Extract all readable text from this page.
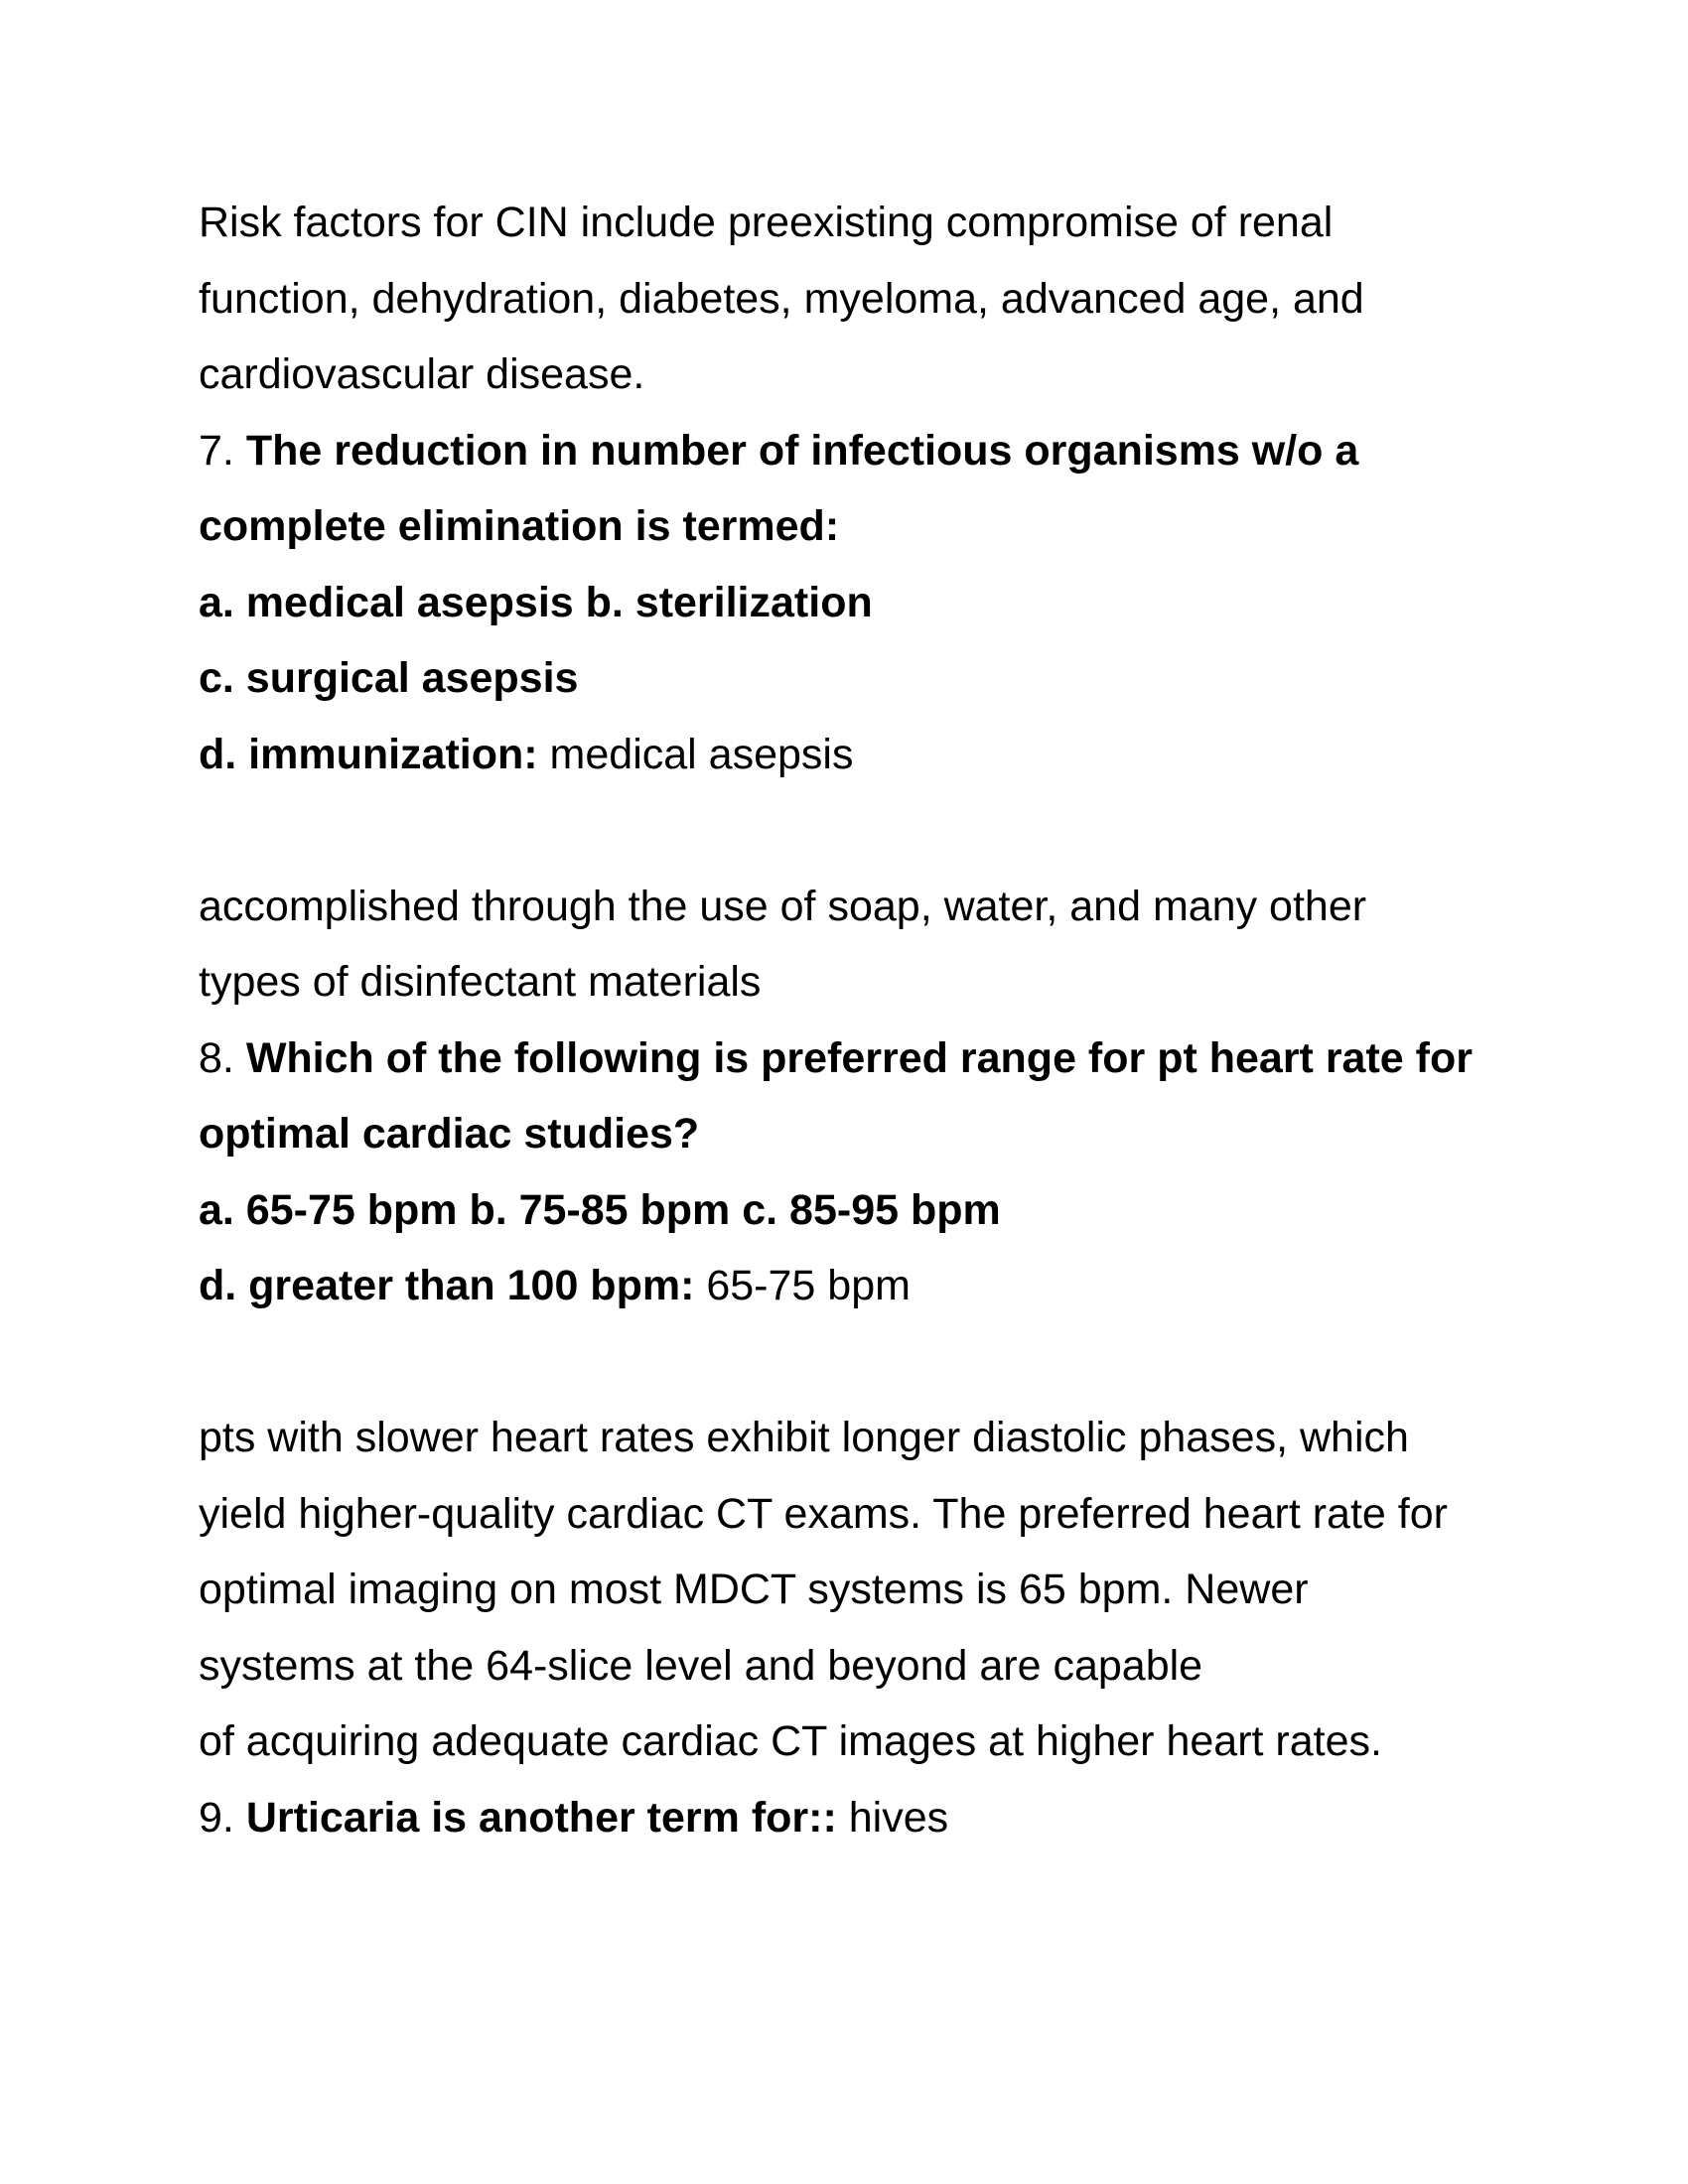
Risk factors for CIN include preexisting compromise of renal
function, dehydration, diabetes, myeloma, advanced age, and
cardiovascular disease.
7. The reduction in number of infectious organisms w/o a
complete elimination is termed:
a. medical asepsis b. sterilization
c. surgical asepsis
d. immunization: medical asepsis
accomplished through the use of soap, water, and many other
types of disinfectant materials
8. Which of the following is preferred range for pt heart rate for
optimal cardiac studies?
a. 65-75 bpm b. 75-85 bpm c. 85-95 bpm
d. greater than 100 bpm: 65-75 bpm
pts with slower heart rates exhibit longer diastolic phases, which
yield higher-quality cardiac CT exams. The preferred heart rate for
optimal imaging on most MDCT systems is 65 bpm. Newer
systems at the 64-slice level and beyond are capable
of acquiring adequate cardiac CT images at higher heart rates.
9. Urticaria is another term for:: hives
